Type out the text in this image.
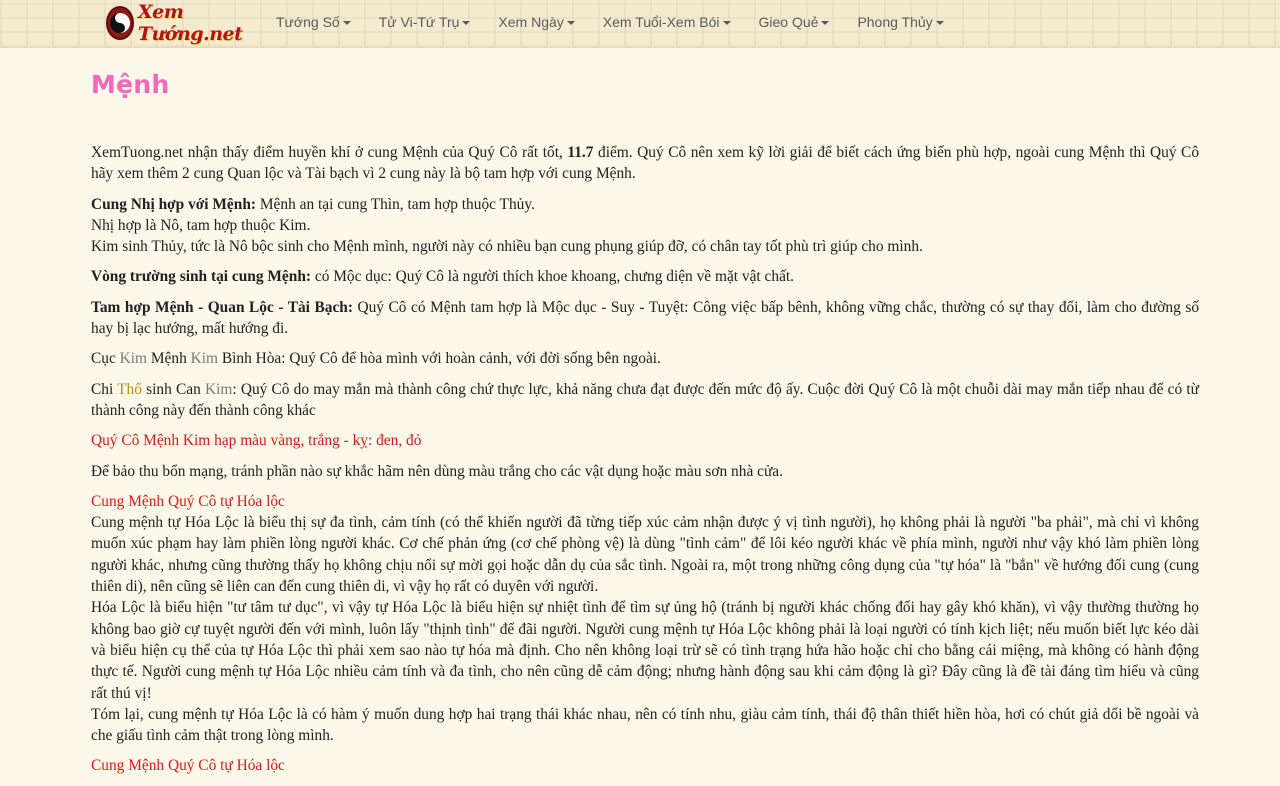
Xem Tướng.net
Tướng Số	Tử Vi-Tứ Trụ	Xem Ngày	Xem Tuổi-Xem Bói	Gieo Quẻ	Phong Thủy
Mệnh

XemTuong.net nhận thấy điểm huyền khí ở cung Mệnh của Quý Cô rất tốt, 11.7 điểm. Quý Cô nên xem kỹ lời giải để biết cách ứng biến phù hợp, ngoài cung Mệnh thì Quý Cô hãy xem thêm 2 cung Quan lộc và Tài bạch vì 2 cung này là bộ tam hợp với cung Mệnh.

Cung Nhị hợp với Mệnh: Mệnh an tại cung Thìn, tam hợp thuộc Thủy.
Nhị hợp là Nô, tam hợp thuộc Kim.
Kim sinh Thủy, tức là Nô bộc sinh cho Mệnh mình, người này có nhiều bạn cung phụng giúp đỡ, có chân tay tốt phù trì giúp cho mình.

Vòng trường sinh tại cung Mệnh: có Mộc dục: Quý Cô là người thích khoe khoang, chưng diện về mặt vật chất.

Tam hợp Mệnh - Quan Lộc - Tài Bạch: Quý Cô có Mệnh tam hợp là Mộc dục - Suy - Tuyệt: Công việc bấp bênh, không vững chắc, thường có sự thay đổi, làm cho đường số hay bị lạc hướng, mất hướng đi.

Cục Kim Mệnh Kim Bình Hòa: Quý Cô để hòa mình với hoàn cảnh, với đời sống bên ngoài.

Chi Thổ sinh Can Kim: Quý Cô do may mắn mà thành công chứ thực lực, khả năng chưa đạt được đến mức độ ấy. Cuộc đời Quý Cô là một chuỗi dài may mắn tiếp nhau để có từ thành công này đến thành công khác

Quý Cô Mệnh Kim hạp màu vàng, trắng - kỵ: đen, đỏ

Để bảo thu bổn mạng, tránh phần nào sự khắc hãm nên dùng màu trắng cho các vật dụng hoặc màu sơn nhà cửa.

Cung Mệnh Quý Cô tự Hóa lộc
Cung mệnh tự Hóa Lộc là biểu thị sự đa tình, cảm tính (có thể khiến người đã từng tiếp xúc cảm nhận được ý vị tình người), họ không phải là người "ba phải", mà chỉ vì không muốn xúc phạm hay làm phiền lòng người khác. Cơ chế phản ứng (cơ chế phòng vệ) là dùng "tình cảm" để lôi kéo người khác về phía mình, người như vậy khó làm phiền lòng người khác, nhưng cũng thường thấy họ không chịu nổi sự mời gọi hoặc dẫn dụ của sắc tình. Ngoài ra, một trong những công dụng của "tự hóa" là "bắn" về hướng đối cung (cung thiên di), nên cũng sẽ liên can đến cung thiên di, vì vậy họ rất có duyên với người.
Hóa Lộc là biểu hiện "tư tâm tư dục", vì vậy tự Hóa Lộc là biểu hiện sự nhiệt tình để tìm sự ủng hộ (tránh bị người khác chống đối hay gây khó khăn), vì vậy thường thường họ không bao giờ cự tuyệt người đến với mình, luôn lấy "thịnh tình" để đãi người. Người cung mệnh tự Hóa Lộc không phải là loại người có tính kịch liệt; nếu muốn biết lực kéo dài và biểu hiện cụ thể của tự Hóa Lộc thì phải xem sao nào tự hóa mà định. Cho nên không loại trừ sẽ có tình trạng hứa hão hoặc chỉ cho bằng cái miệng, mà không có hành động thực tế. Người cung mệnh tự Hóa Lộc nhiều cảm tính và đa tình, cho nên cũng dễ cảm động; nhưng hành động sau khi cảm động là gì? Đây cũng là đề tài đáng tìm hiểu và cũng rất thú vị!
Tóm lại, cung mệnh tự Hóa Lộc là có hàm ý muốn dung hợp hai trạng thái khác nhau, nên có tính nhu, giàu cảm tính, thái độ thân thiết hiền hòa, hơi có chút giả dối bề ngoài và che giấu tình cảm thật trong lòng mình.

Cung Mệnh Quý Cô tự Hóa lộc
